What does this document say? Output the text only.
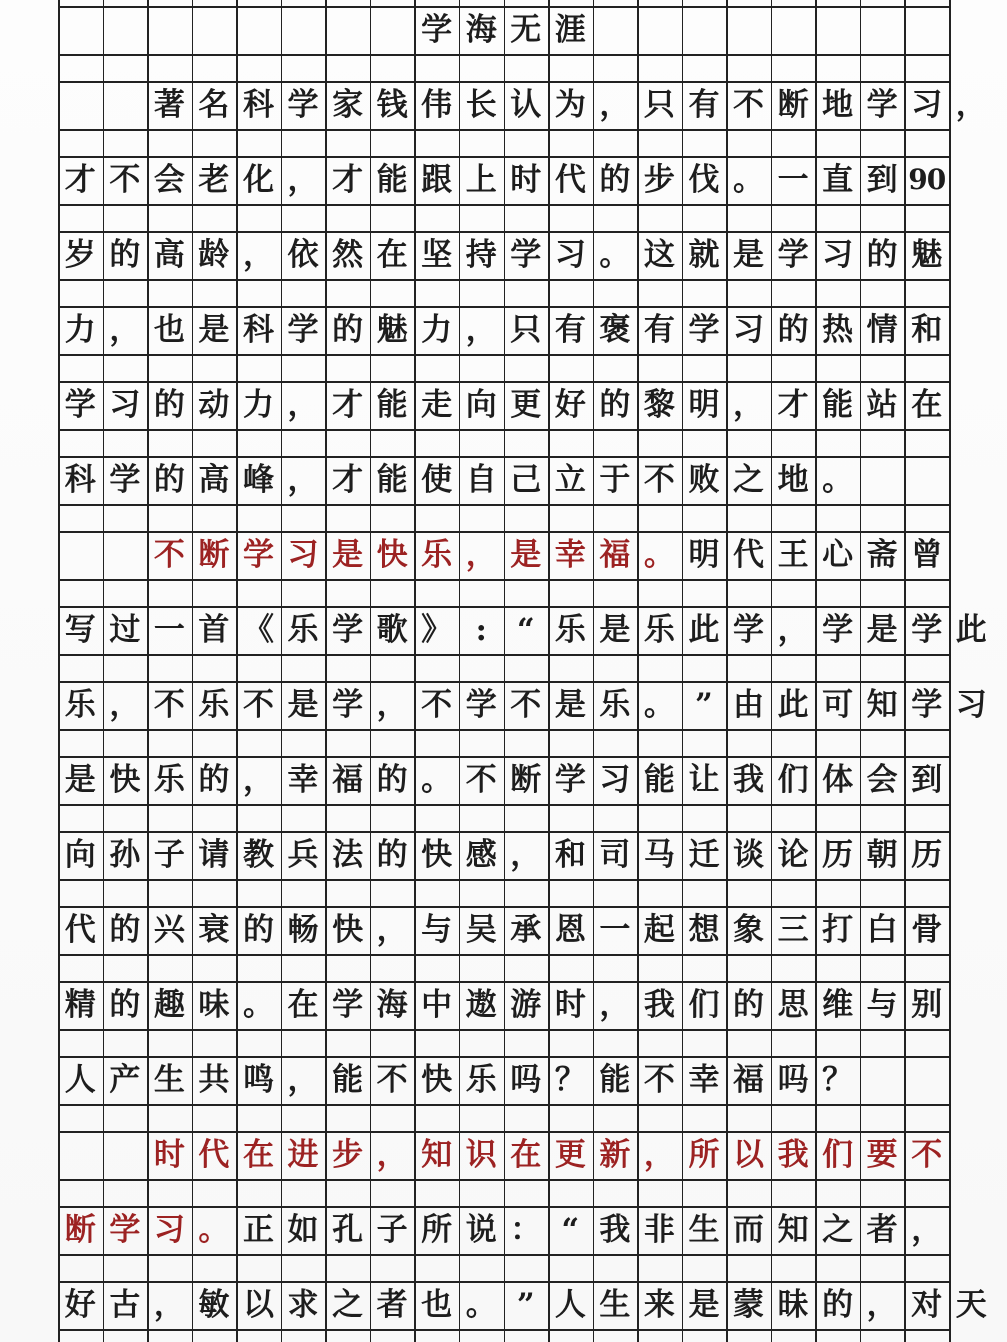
学 海 无 涯
著 名 科 学 家 钱 伟 长 认 为 ， 只 有 不 断 地 学 习 ，
才 不 会 老 化 ， 才 能 跟 上 时 代 的 步 伐 。 一 直 到 90
岁 的 高 龄 ， 依 然 在 坚 持 学 习 。 这 就 是 学 习 的 魅
力 ， 也 是 科 学 的 魅 力 ， 只 有 褒 有 学 习 的 热 情 和
学 习 的 动 力 ， 才 能 走 向 更 好 的 黎 明 ， 才 能 站 在
科 学 的 高 峰 ， 才 能 使 自 己 立 于 不 败 之 地 。
不 断 学 习 是 快 乐 ， 是 幸 福 。 明 代 王 心 斋 曾
写 过 一 首 《 乐 学 歌 》 : “ 乐 是 乐 此 学 ， 学 是 学 此
乐 ， 不 乐 不 是 学 ， 不 学 不 是 乐 。 ” 由 此 可 知 学 习
是 快 乐 的 ， 幸 福 的 。 不 断 学 习 能 让 我 们 体 会 到
向 孙 子 请 教 兵 法 的 快 感 ， 和 司 马 迁 谈 论 历 朝 历
代 的 兴 衰 的 畅 快 ， 与 吴 承 恩 一 起 想 象 三 打 白 骨
精 的 趣 味 。 在 学 海 中 遨 游 时 ， 我 们 的 思 维 与 别
人 产 生 共 鸣 ， 能 不 快 乐 吗 ？ 能 不 幸 福 吗 ？
时 代 在 进 步 ， 知 识 在 更 新 ， 所 以 我 们 要 不
断 学 习 。 正 如 孔 子 所 说 ： “ 我 非 生 而 知 之 者 ，
好 古 ， 敏 以 求 之 者 也 。 ” 人 生 来 是 蒙 昧 的 ， 对 天
